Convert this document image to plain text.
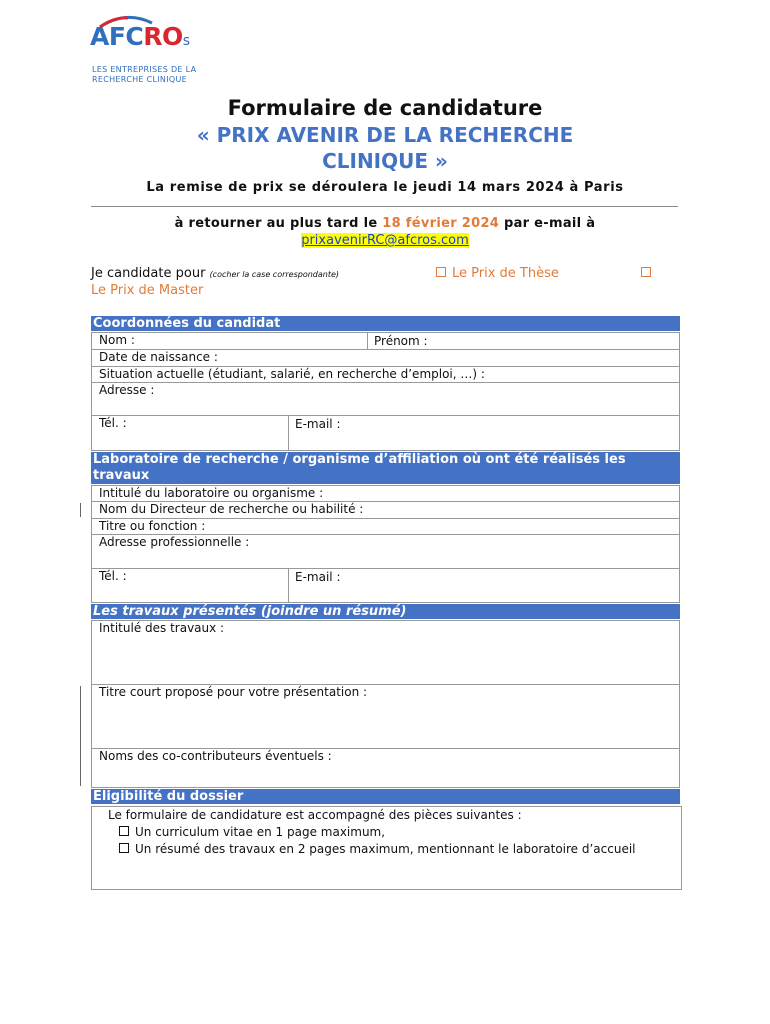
AFCROs
LES ENTREPRISES DE LA
RECHERCHE CLINIQUE
Formulaire de candidature
« PRIX AVENIR DE LA RECHERCHE CLINIQUE »
La remise de prix se déroulera le jeudi 14 mars 2024 à Paris
à retourner au plus tard le 18 février 2024 par e-mail à
prixavenirRC@afcros.com
Je candidate pour (cocher la case correspondante)	Le Prix de Thèse
Le Prix de Master
Coordonnées du candidat
Nom :	Prénom :
Date de naissance :
Situation actuelle (étudiant, salarié, en recherche d’emploi, …) :
Adresse :
Tél. :	E-mail :
Laboratoire de recherche / organisme d’affiliation où ont été réalisés les travaux
Intitulé du laboratoire ou organisme :
Nom du Directeur de recherche ou habilité :
Titre ou fonction :
Adresse professionnelle :
Tél. :	E-mail :
Les travaux présentés (joindre un résumé)
Intitulé des travaux :
Titre court proposé pour votre présentation :
Noms des co-contributeurs éventuels :
Eligibilité du dossier
Le formulaire de candidature est accompagné des pièces suivantes :
Un curriculum vitae en 1 page maximum,
Un résumé des travaux en 2 pages maximum, mentionnant le laboratoire d’accueil
